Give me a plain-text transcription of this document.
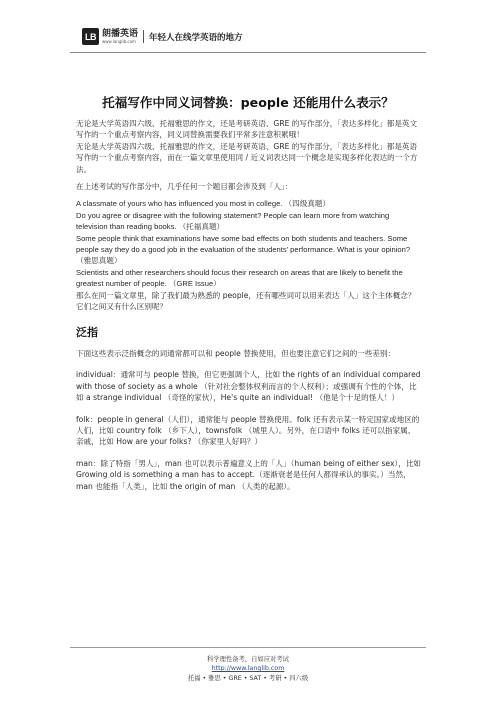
LB 朗播英语
www.langlib.com 年轻人在线学英语的地方
托福写作中同义词替换：people 还能用什么表示？

无论是大学英语四六级、托福雅思的作文，还是考研英语、GRE 的写作部分，「表达多样化」都是英文写作的一个重点考察内容，同义词替换需要我们平常多注意积累哦！

无论是大学英语四六级、托福雅思的作文，还是考研英语、GRE 的写作部分，「表达多样化」都是英语写作的一个重点考察内容，而在一篇文章里使用同 / 近义词表达同一个概念是实现多样化表达的一个方法。

在上述考试的写作部分中，几乎任何一个题目都会涉及到「人」：

A classmate of yours who has influenced you most in college. （四级真题）

Do you agree or disagree with the following statement? People can learn more from watching television than reading books. （托福真题）

Some people think that examinations have some bad effects on both students and teachers. Some people say they do a good job in the evaluation of the students’ performance. What is your opinion? （雅思真题）

Scientists and other researchers should focus their research on areas that are likely to benefit the greatest number of people. （GRE Issue）

那么在同一篇文章里，除了我们最为熟悉的 people，还有哪些词可以用来表达「人」这个主体概念？它们之间又有什么区别呢？

泛指

下面这些表示泛指概念的词通常都可以和 people 替换使用，但也要注意它们之间的一些差别：

individual：通常可与 people 替换，但它更强调个人，比如 the rights of an individual compared with those of society as a whole （针对社会整体权利而言的个人权利）；或强调有个性的个体，比如 a strange individual （奇怪的家伙），He's quite an individual! （他是个十足的怪人！）

folk：people in general（人们），通常能与 people 替换使用。folk 还有表示某一特定国家或地区的人们，比如 country folk （乡下人），townsfolk （城里人）。另外，在口语中 folks 还可以指家属、亲戚，比如 How are your folks? （你家里人好吗？）

man：除了特指「男人」，man 也可以表示普遍意义上的「人」（human being of either sex），比如 Growing old is something a man has to accept.（逐渐衰老是任何人都得承认的事实。）当然，man 也能指「人类」，比如 the origin of man （人类的起源）。

科学理性备考，自如应对考试
http://www.langlib.com
托福 • 雅思 • GRE • SAT • 考研 • 四六级
